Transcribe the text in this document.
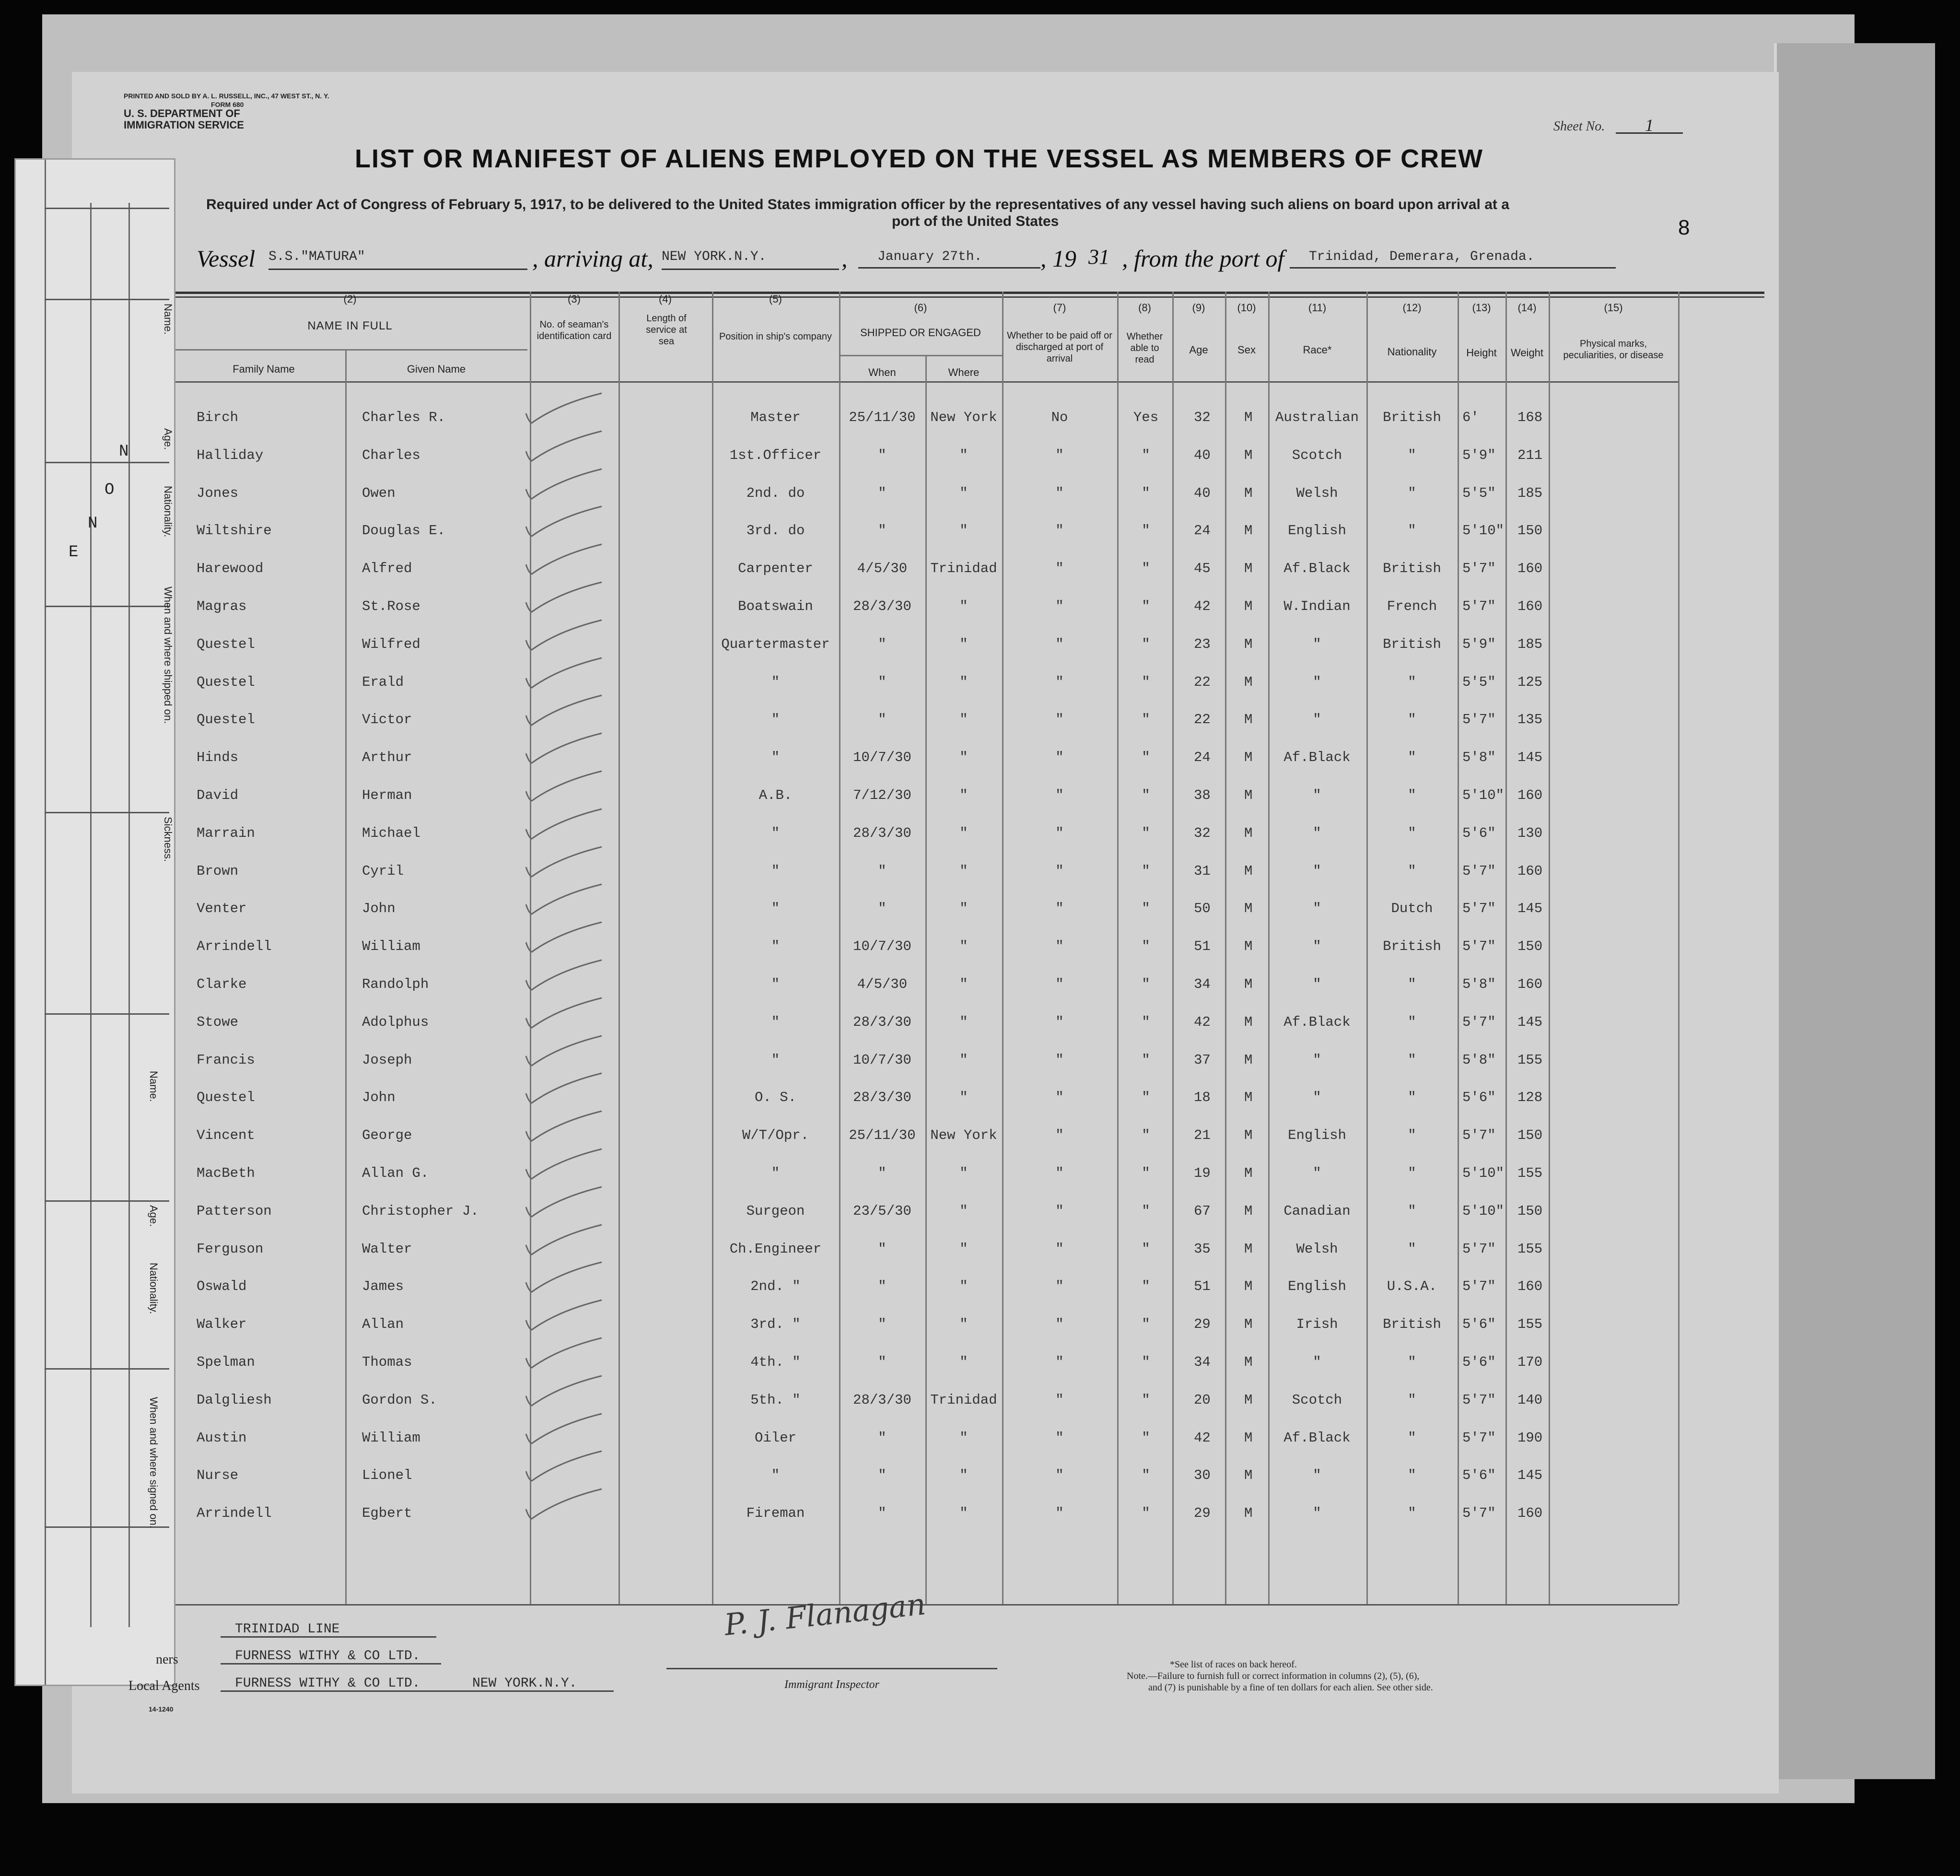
PRINTED AND SOLD BY A. L. RUSSELL, INC., 47 WEST ST., N. Y.
FORM 680
U. S. DEPARTMENT OF
IMMIGRATION SERVICE	Sheet No.	1
8
LIST OR MANIFEST OF ALIENS EMPLOYED ON THE VESSEL AS MEMBERS OF CREW
Required under Act of Congress of February 5, 1917, to be delivered to the United States immigration officer by the representatives of any vessel having such aliens on board upon arrival at a
port of the United States
Vessel S.S."MATURA"	, arriving at, NEW YORK.N.Y.	,	January 27th.	, 19 31 , from the port of	Trinidad, Demerara, Grenada.
(2)
NAME IN FULL
Family Name	Given Name
(3)
No. of seaman's identification card
(4)
Length of service at sea
(5)
Position in ship's company
(6)
SHIPPED OR ENGAGED
When	Where
(7)
Whether to be paid off or discharged at port of arrival
(8)
Whether able to read
(9)
Age
(10)
Sex
(11)
Race*
(12)
Nationality
(13)
Height
(14)
Weight
(15)
Physical marks, peculiarities, or disease
Birch	Charles R.	Master	25/11/30	New York	No	Yes	32 M Australian	British	6'	168
Halliday	Charles	1st.Officer	"	"	"	"	40 M	Scotch	"	5'9" 211
Jones	Owen	2nd. do	"	"	"	"	40 M	Welsh	"	5'5" 185
Wiltshire	Douglas E.	3rd. do	"	"	"	"	24 M	English	"	5'10" 150
Harewood	Alfred	Carpenter	4/5/30	Trinidad	"	"	45 M	Af.Black	British	5'7" 160
Magras	St.Rose	Boatswain	28/3/30	"	"	"	42 M	W.Indian	French	5'7" 160
Questel	Wilfred	Quartermaster	"	"	"	"	23 M	"	British	5'9" 185
Questel	Erald	"	"	"	"	"	22 M	"	"	5'5" 125
Questel	Victor	"	"	"	"	"	22 M	"	"	5'7" 135
Hinds	Arthur	"	10/7/30	"	"	"	24 M	Af.Black	"	5'8" 145
David	Herman	A.B.	7/12/30	"	"	"	38 M	"	"	5'10" 160
Marrain	Michael	"	28/3/30	"	"	"	32 M	"	"	5'6" 130
Brown	Cyril	"	"	"	"	"	31 M	"	"	5'7" 160
Venter	John	"	"	"	"	"	50 M	"	Dutch	5'7" 145
Arrindell	William	"	10/7/30	"	"	"	51 M	"	British	5'7" 150
Clarke	Randolph	"	4/5/30	"	"	"	34 M	"	"	5'8" 160
Stowe	Adolphus	"	28/3/30	"	"	"	42 M	Af.Black	"	5'7" 145
Francis	Joseph	"	10/7/30	"	"	"	37 M	"	"	5'8" 155
Questel	John	O. S.	28/3/30	"	"	"	18 M	"	"	5'6" 128
Vincent	George	W/T/Opr.	25/11/30	New York	"	"	21 M	English	"	5'7" 150
MacBeth	Allan G.	"	"	"	"	"	19 M	"	"	5'10" 155
Patterson	Christopher J.	Surgeon	23/5/30	"	"	"	67 M	Canadian	"	5'10" 150
Ferguson	Walter	Ch.Engineer	"	"	"	"	35 M	Welsh	"	5'7" 155
Oswald	James	2nd. "	"	"	"	"	51 M	English	U.S.A.	5'7" 160
Walker	Allan	3rd. "	"	"	"	"	29 M	Irish	British	5'6" 155
Spelman	Thomas	4th. "	"	"	"	"	34 M	"	"	5'6" 170
Dalgliesh	Gordon S.	5th. "	28/3/30	Trinidad	"	"	20 M	Scotch	"	5'7" 140
Austin	William	Oiler	"	"	"	"	42 M	Af.Black	"	5'7" 190
Nurse	Lionel	"	"	"	"	"	30 M	"	"	5'6" 145
Arrindell	Egbert	Fireman	"	"	"	"	29 M	"	"	5'7" 160
Name.
Age.
Nationality.
When and where shipped on.
Sickness.
Name.
Age.
Nationality.
When and where signed on.
N
O
N
E
TRINIDAD LINE
ners	FURNESS WITHY & CO LTD.
Local Agents	FURNESS WITHY & CO LTD.	NEW YORK.N.Y.
14-1240
P. J. Flanagan
Immigrant Inspector
*See list of races on back hereof.
Note.—Failure to furnish full or correct information in columns (2), (5), (6),
and (7) is punishable by a fine of ten dollars for each alien. See other side.
